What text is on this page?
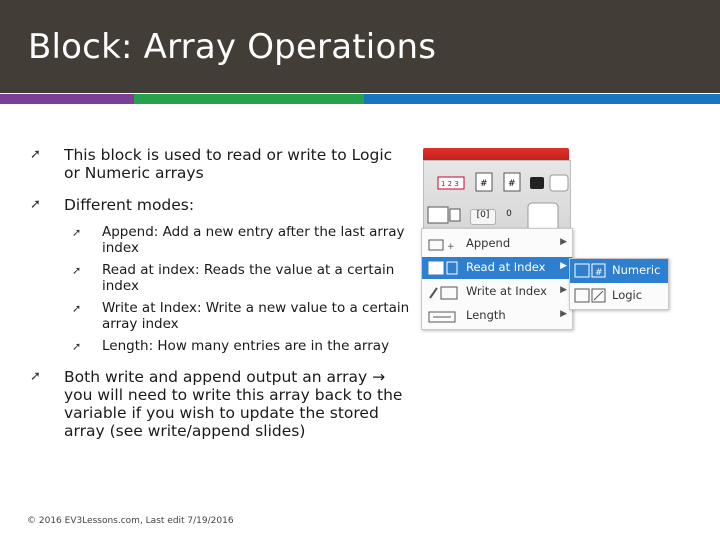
Block: Array Operations
➚ This block is used to read or write to Logic or Numeric arrays
➚ Different modes:
➚ Append: Add a new entry after the last array index
➚ Read at index: Reads the value at a certain index
➚ Write at Index: Write a new value to a certain array index
➚ Length: How many entries are in the array
➚ Both write and append output an array → you will need to write this array back to the variable if you wish to update the stored array (see write/append slides)
1 2 3 # #
[0]	0
+ Append	▶
Read at Index ▶
Write at Index ▶
Length	▶
# Numeric
Logic
© 2016 EV3Lessons.com, Last edit 7/19/2016
